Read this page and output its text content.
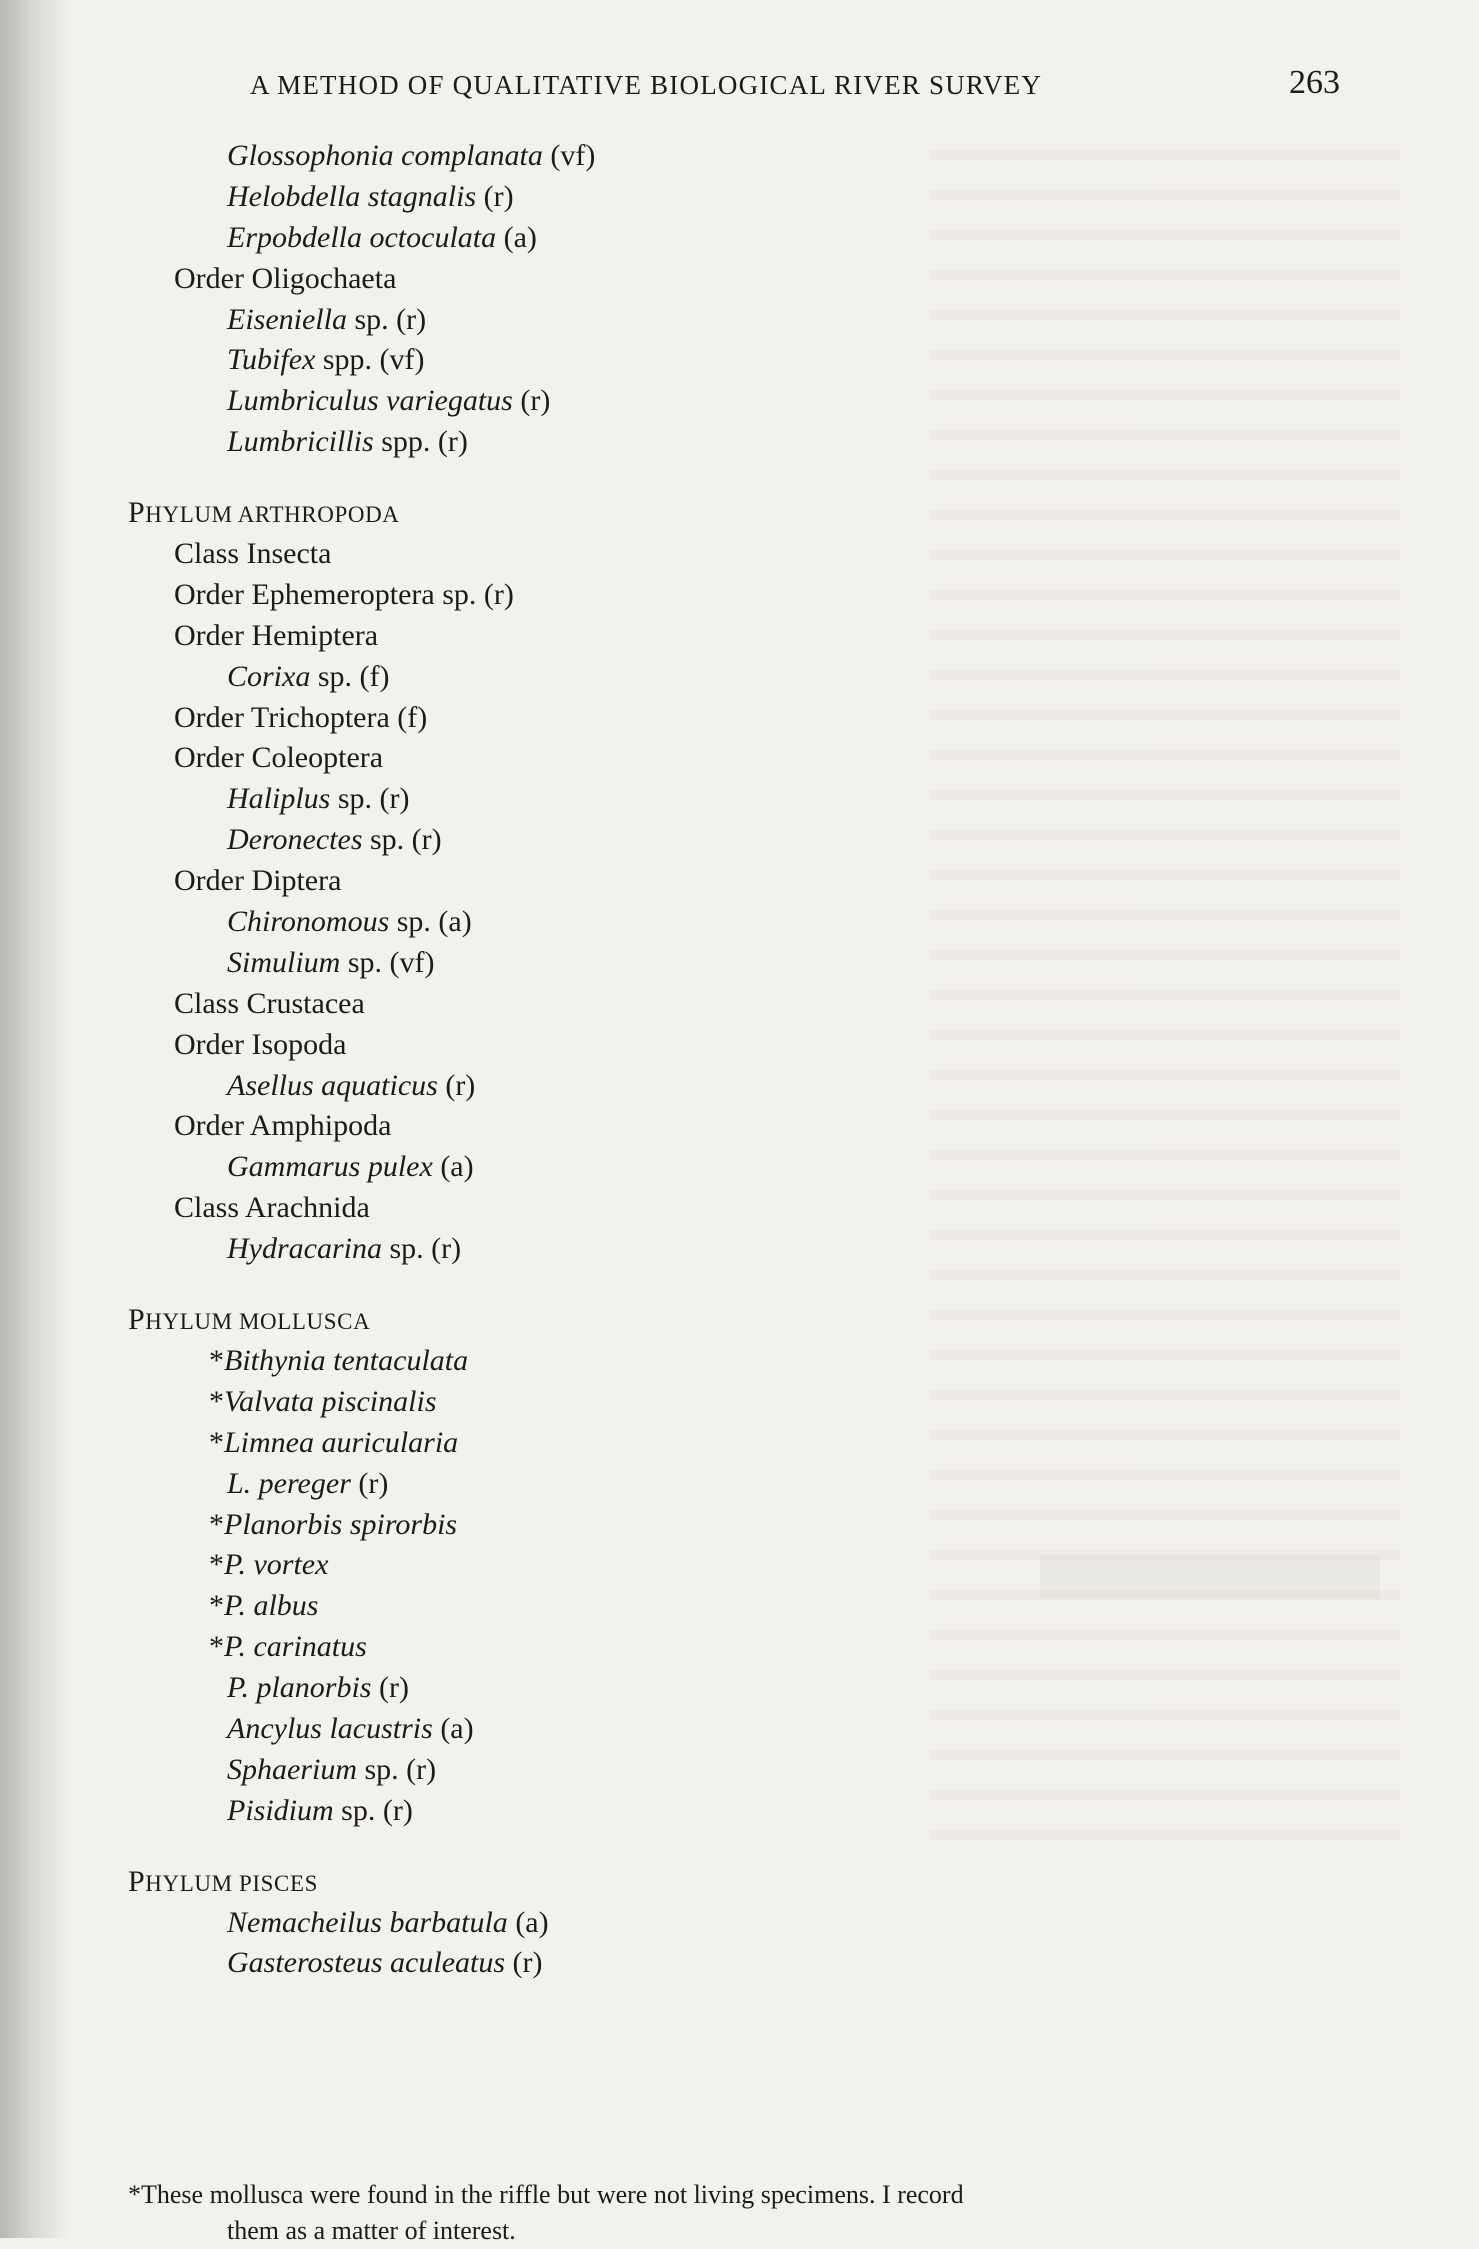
A METHOD OF QUALITATIVE BIOLOGICAL RIVER SURVEY	263
Glossophonia complanata (vf)
Helobdella stagnalis (r)
Erpobdella octoculata (a)
Order Oligochaeta
Eiseniella sp. (r)
Tubifex spp. (vf)
Lumbriculus variegatus (r)
Lumbricillis spp. (r)
PHYLUM ARTHROPODA
Class Insecta
Order Ephemeroptera sp. (r)
Order Hemiptera
Corixa sp. (f)
Order Trichoptera (f)
Order Coleoptera
Haliplus sp. (r)
Deronectes sp. (r)
Order Diptera
Chironomous sp. (a)
Simulium sp. (vf)
Class Crustacea
Order Isopoda
Asellus aquaticus (r)
Order Amphipoda
Gammarus pulex (a)
Class Arachnida
Hydracarina sp. (r)
PHYLUM MOLLUSCA
*Bithynia tentaculata
*Valvata piscinalis
*Limnea auricularia
L. pereger (r)
*Planorbis spirorbis
*P. vortex
*P. albus
*P. carinatus
P. planorbis (r)
Ancylus lacustris (a)
Sphaerium sp. (r)
Pisidium sp. (r)
PHYLUM PISCES
Nemacheilus barbatula (a)
Gasterosteus aculeatus (r)
*These mollusca were found in the riffle but were not living specimens. I record
them as a matter of interest.
